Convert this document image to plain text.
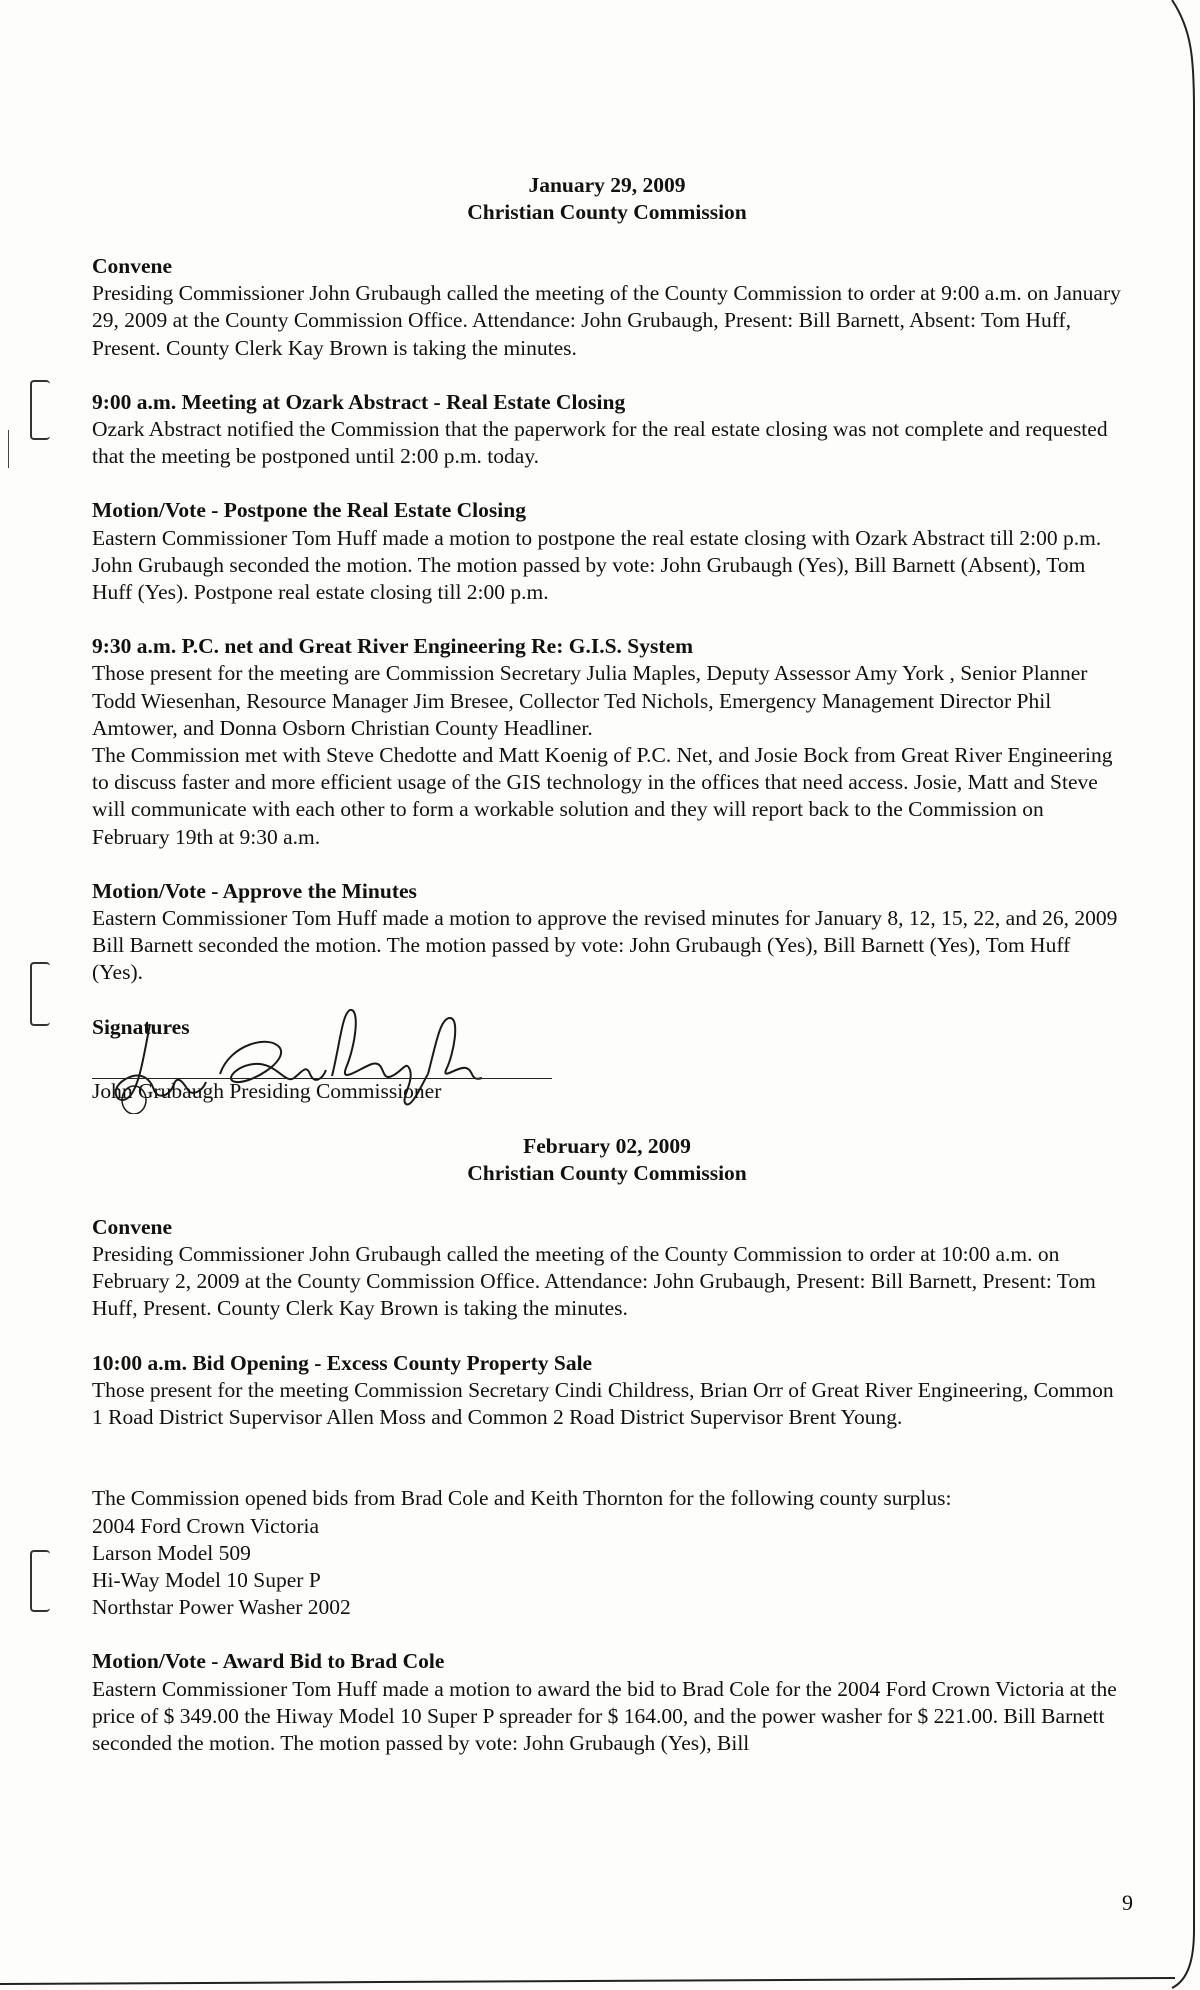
January 29, 2009
Christian County Commission
Convene
Presiding Commissioner John Grubaugh called the meeting of the County Commission to order at 9:00 a.m. on January 29, 2009 at the County Commission Office. Attendance: John Grubaugh, Present: Bill Barnett, Absent: Tom Huff, Present. County Clerk Kay Brown is taking the minutes.
9:00 a.m. Meeting at Ozark Abstract - Real Estate Closing
Ozark Abstract notified the Commission that the paperwork for the real estate closing was not complete and requested that the meeting be postponed until 2:00 p.m. today.
Motion/Vote - Postpone the Real Estate Closing
Eastern Commissioner Tom Huff made a motion to postpone the real estate closing with Ozark Abstract till 2:00 p.m. John Grubaugh seconded the motion. The motion passed by vote: John Grubaugh (Yes), Bill Barnett (Absent), Tom Huff (Yes). Postpone real estate closing till 2:00 p.m.
9:30 a.m. P.C. net and Great River Engineering Re: G.I.S. System
Those present for the meeting are Commission Secretary Julia Maples, Deputy Assessor Amy York , Senior Planner Todd Wiesenhan, Resource Manager Jim Bresee, Collector Ted Nichols, Emergency Management Director Phil Amtower, and Donna Osborn Christian County Headliner.
The Commission met with Steve Chedotte and Matt Koenig of P.C. Net, and Josie Bock from Great River Engineering to discuss faster and more efficient usage of the GIS technology in the offices that need access. Josie, Matt and Steve will communicate with each other to form a workable solution and they will report back to the Commission on February 19th at 9:30 a.m.
Motion/Vote - Approve the Minutes
Eastern Commissioner Tom Huff made a motion to approve the revised minutes for January 8, 12, 15, 22, and 26, 2009 Bill Barnett seconded the motion. The motion passed by vote: John Grubaugh (Yes), Bill Barnett (Yes), Tom Huff (Yes).
Signatures
John Grubaugh Presiding Commissioner
February 02, 2009
Christian County Commission
Convene
Presiding Commissioner John Grubaugh called the meeting of the County Commission to order at 10:00 a.m. on February 2, 2009 at the County Commission Office. Attendance: John Grubaugh, Present: Bill Barnett, Present: Tom Huff, Present. County Clerk Kay Brown is taking the minutes.
10:00 a.m. Bid Opening - Excess County Property Sale
Those present for the meeting Commission Secretary Cindi Childress, Brian Orr of Great River Engineering, Common 1 Road District Supervisor Allen Moss and Common 2 Road District Supervisor Brent Young.
The Commission opened bids from Brad Cole and Keith Thornton for the following county surplus:
2004 Ford Crown Victoria
Larson Model 509
Hi-Way Model 10 Super P
Northstar Power Washer 2002
Motion/Vote - Award Bid to Brad Cole
Eastern Commissioner Tom Huff made a motion to award the bid to Brad Cole for the 2004 Ford Crown Victoria at the price of $ 349.00 the Hiway Model 10 Super P spreader for $ 164.00, and the power washer for $ 221.00. Bill Barnett seconded the motion. The motion passed by vote: John Grubaugh (Yes), Bill
9
